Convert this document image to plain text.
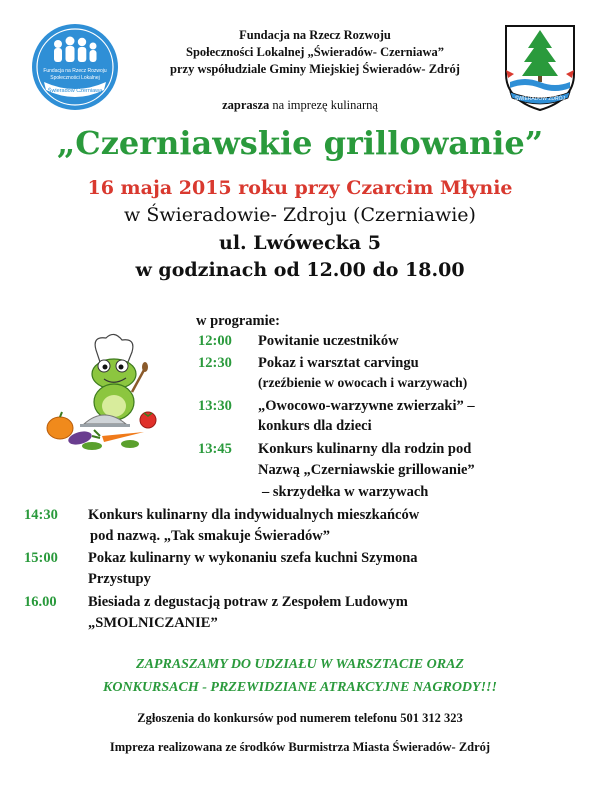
Fundacja na Rzecz Rozwoju
Społeczności Lokalnej
Świeradów Czerniawa
Fundacja na Rzecz Rozwoju
Społeczności Lokalnej „Świeradów- Czerniawa”
przy współudziale Gminy Miejskiej Świeradów- Zdrój
ŚWIERADÓW ZDRÓJ
zaprasza na imprezę kulinarną
„Czerniawskie grillowanie”
16 maja 2015 roku przy Czarcim Młynie
w Świeradowie- Zdroju (Czerniawie)
ul. Lwówecka 5
w godzinach od 12.00 do 18.00
w programie:
12:00 Powitanie uczestników
12:30 Pokaz i warsztat carvingu
(rzeźbienie w owocach i warzywach)
13:30 „Owocowo-warzywne zwierzaki” –
konkurs dla dzieci
13:45 Konkurs kulinarny dla rodzin pod
Nazwą „Czerniawskie grillowanie”
– skrzydełka w warzywach
14:30 Konkurs kulinarny dla indywidualnych mieszkańców
pod nazwą. „Tak smakuje Świeradów”
15:00 Pokaz kulinarny w wykonaniu szefa kuchni Szymona
Przystupy
16.00 Biesiada z degustacją potraw z Zespołem Ludowym
„SMOLNICZANIE”
ZAPRASZAMY DO UDZIAŁU W WARSZTACIE ORAZ
KONKURSACH - PRZEWIDZIANE ATRAKCYJNE NAGRODY!!!
Zgłoszenia do konkursów pod numerem telefonu 501 312 323
Impreza realizowana ze środków Burmistrza Miasta Świeradów- Zdrój
